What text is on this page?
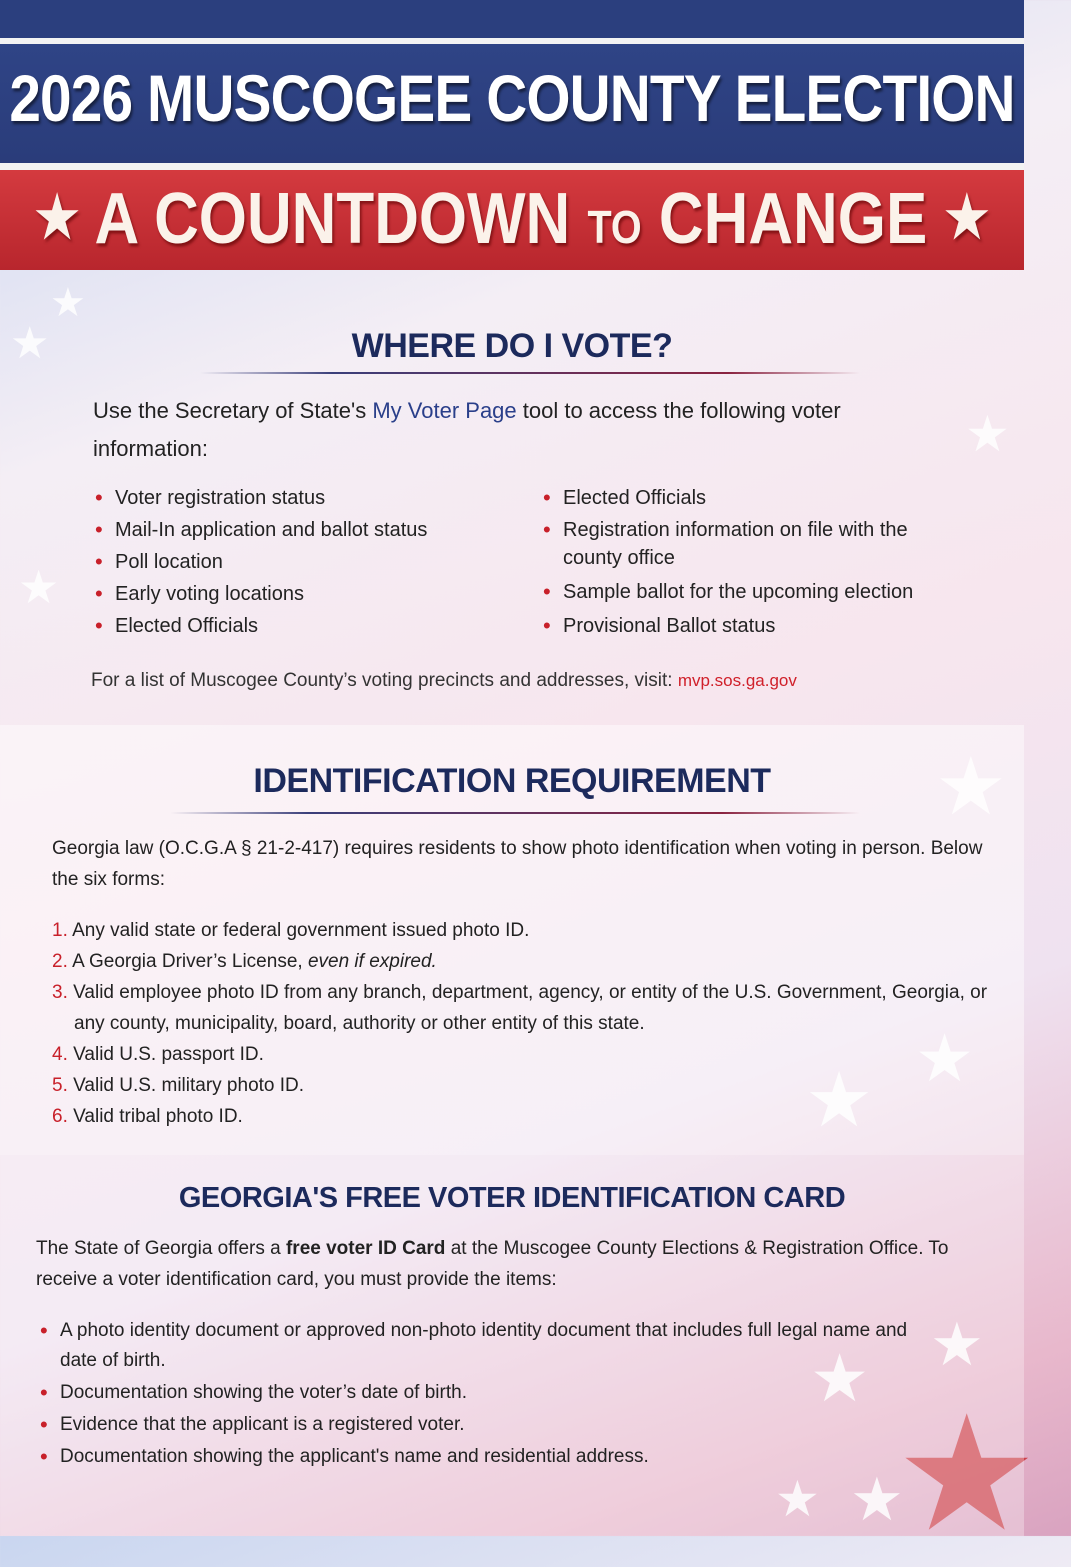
2026 MUSCOGEE COUNTY ELECTION
★ A COUNTDOWN TO CHANGE ★
★
★
★
★
★
★
★
★
★
★ ★
★
WHERE DO I VOTE?
Use the Secretary of State's My Voter Page tool to access the following voter information:
• Voter registration status
• Mail-In application and ballot status
• Poll location
• Early voting locations
• Elected Officials
• Elected Officials
• Registration information on file with the county office
• Sample ballot for the upcoming election
• Provisional Ballot status
For a list of Muscogee County’s voting precincts and addresses, visit: mvp.sos.ga.gov
IDENTIFICATION REQUIREMENT
Georgia law (O.C.G.A § 21-2-417) requires residents to show photo identification when voting in person. Below the six forms:
1. Any valid state or federal government issued photo ID.
2. A Georgia Driver’s License, even if expired.
3. Valid employee photo ID from any branch, department, agency, or entity of the U.S. Government, Georgia, or any county, municipality, board, authority or other entity of this state.
4. Valid U.S. passport ID.
5. Valid U.S. military photo ID.
6. Valid tribal photo ID.
GEORGIA'S FREE VOTER IDENTIFICATION CARD
The State of Georgia offers a free voter ID Card at the Muscogee County Elections & Registration Office. To receive a voter identification card, you must provide the items:
• A photo identity document or approved non-photo identity document that includes full legal name and date of birth.
• Documentation showing the voter’s date of birth.
• Evidence that the applicant is a registered voter.
• Documentation showing the applicant's name and residential address.
